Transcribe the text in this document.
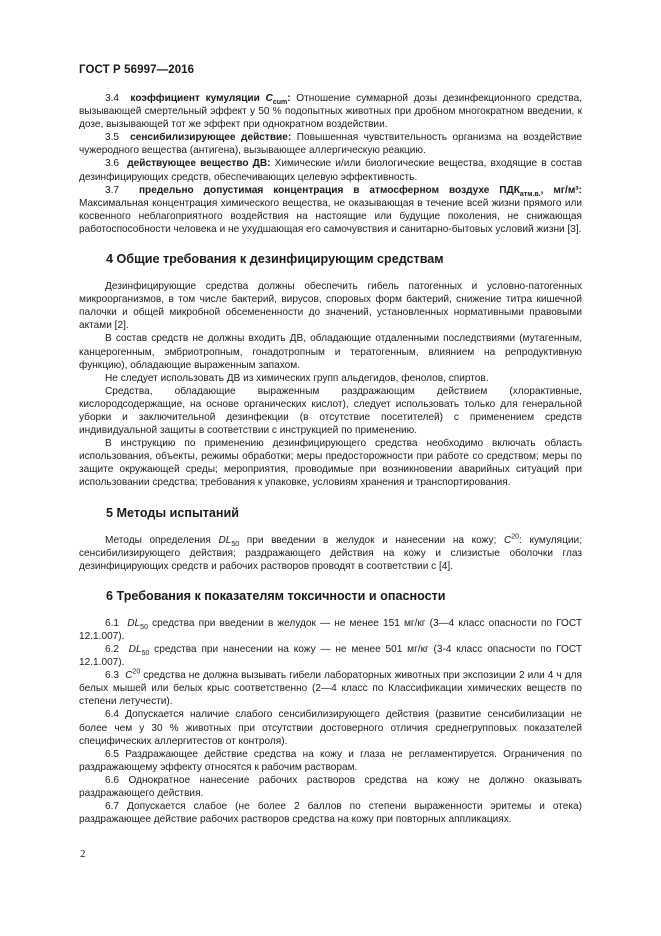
ГОСТ Р 56997—2016

3.4 коэффициент кумуляции $C_{cum}$: Отношение суммарной дозы дезинфекционного средства, вызывающей смертельный эффект у 50 % подопытных животных при дробном многократном введении, к дозе, вызывающей тот же эффект при однократном воздействии.

3.5 сенсибилизирующее действие: Повышенная чувствительность организма на воздействие чужеродного вещества (антигена), вызывающее аллергическую реакцию.

3.6 действующее вещество ДВ: Химические и/или биологические вещества, входящие в состав дезинфицирующих средств, обеспечивающих целевую эффективность.

3.7 предельно допустимая концентрация в атмосферном воздухе $ПДК_{атм.в.}$, мг/м³: Максимальная концентрация химического вещества, не оказывающая в течение всей жизни прямого или косвенного неблагоприятного воздействия на настоящие или будущие поколения, не снижающая работоспособности человека и не ухудшающая его самочувствия и санитарно-бытовых условий жизни [3].

4 Общие требования к дезинфицирующим средствам

Дезинфицирующие средства должны обеспечить гибель патогенных и условно-патогенных микроорганизмов, в том числе бактерий, вирусов, споровых форм бактерий, снижение титра кишечной палочки и общей микробной обсемененности до значений, установленных нормативными правовыми актами [2].

В состав средств не должны входить ДВ, обладающие отдаленными последствиями (мутагенным, канцерогенным, эмбриотропным, гонадотропным и тератогенным, влиянием на репродуктивную функцию), обладающие выраженным запахом.

Не следует использовать ДВ из химических групп альдегидов, фенолов, спиртов.

Средства, обладающие выраженным раздражающим действием (хлорактивные, кислородсодержащие, на основе органических кислот), следует использовать только для генеральной уборки и заключительной дезинфекции (в отсутствие посетителей) с применением средств индивидуальной защиты в соответствии с инструкцией по применению.

В инструкцию по применению дезинфицирующего средства необходимо включать область использования, объекты, режимы обработки; меры предосторожности при работе со средством; меры по защите окружающей среды; мероприятия, проводимые при возникновении аварийных ситуаций при использовании средства; требования к упаковке, условиям хранения и транспортирования.

5 Методы испытаний

Методы определения $DL_{50}$ при введении в желудок и нанесении на кожу; $C^{20}$: кумуляции; сенсибилизирующего действия; раздражающего действия на кожу и слизистые оболочки глаз дезинфицирующих средств и рабочих растворов проводят в соответствии с [4].

6 Требования к показателям токсичности и опасности

6.1 $DL_{50}$ средства при введении в желудок — не менее 151 мг/кг (3—4 класс опасности по ГОСТ 12.1.007).

6.2 $DL_{50}$ средства при нанесении на кожу — не менее 501 мг/кг (3-4 класс опасности по ГОСТ 12.1.007).

6.3 $C^{20}$ средства не должна вызывать гибели лабораторных животных при экспозиции 2 или 4 ч для белых мышей или белых крыс соответственно (2—4 класс по Классификации химических веществ по степени летучести).

6.4 Допускается наличие слабого сенсибилизирующего действия (развитие сенсибилизации не более чем у 30 % животных при отсутствии достоверного отличия среднегрупповых показателей специфических аллергитестов от контроля).

6.5 Раздражающее действие средства на кожу и глаза не регламентируется. Ограничения по раздражающему эффекту относятся к рабочим растворам.

6.6 Однократное нанесение рабочих растворов средства на кожу не должно оказывать раздражающего действия.

6.7 Допускается слабое (не более 2 баллов по степени выраженности эритемы и отека) раздражающее действие рабочих растворов средства на кожу при повторных аппликациях.

2
